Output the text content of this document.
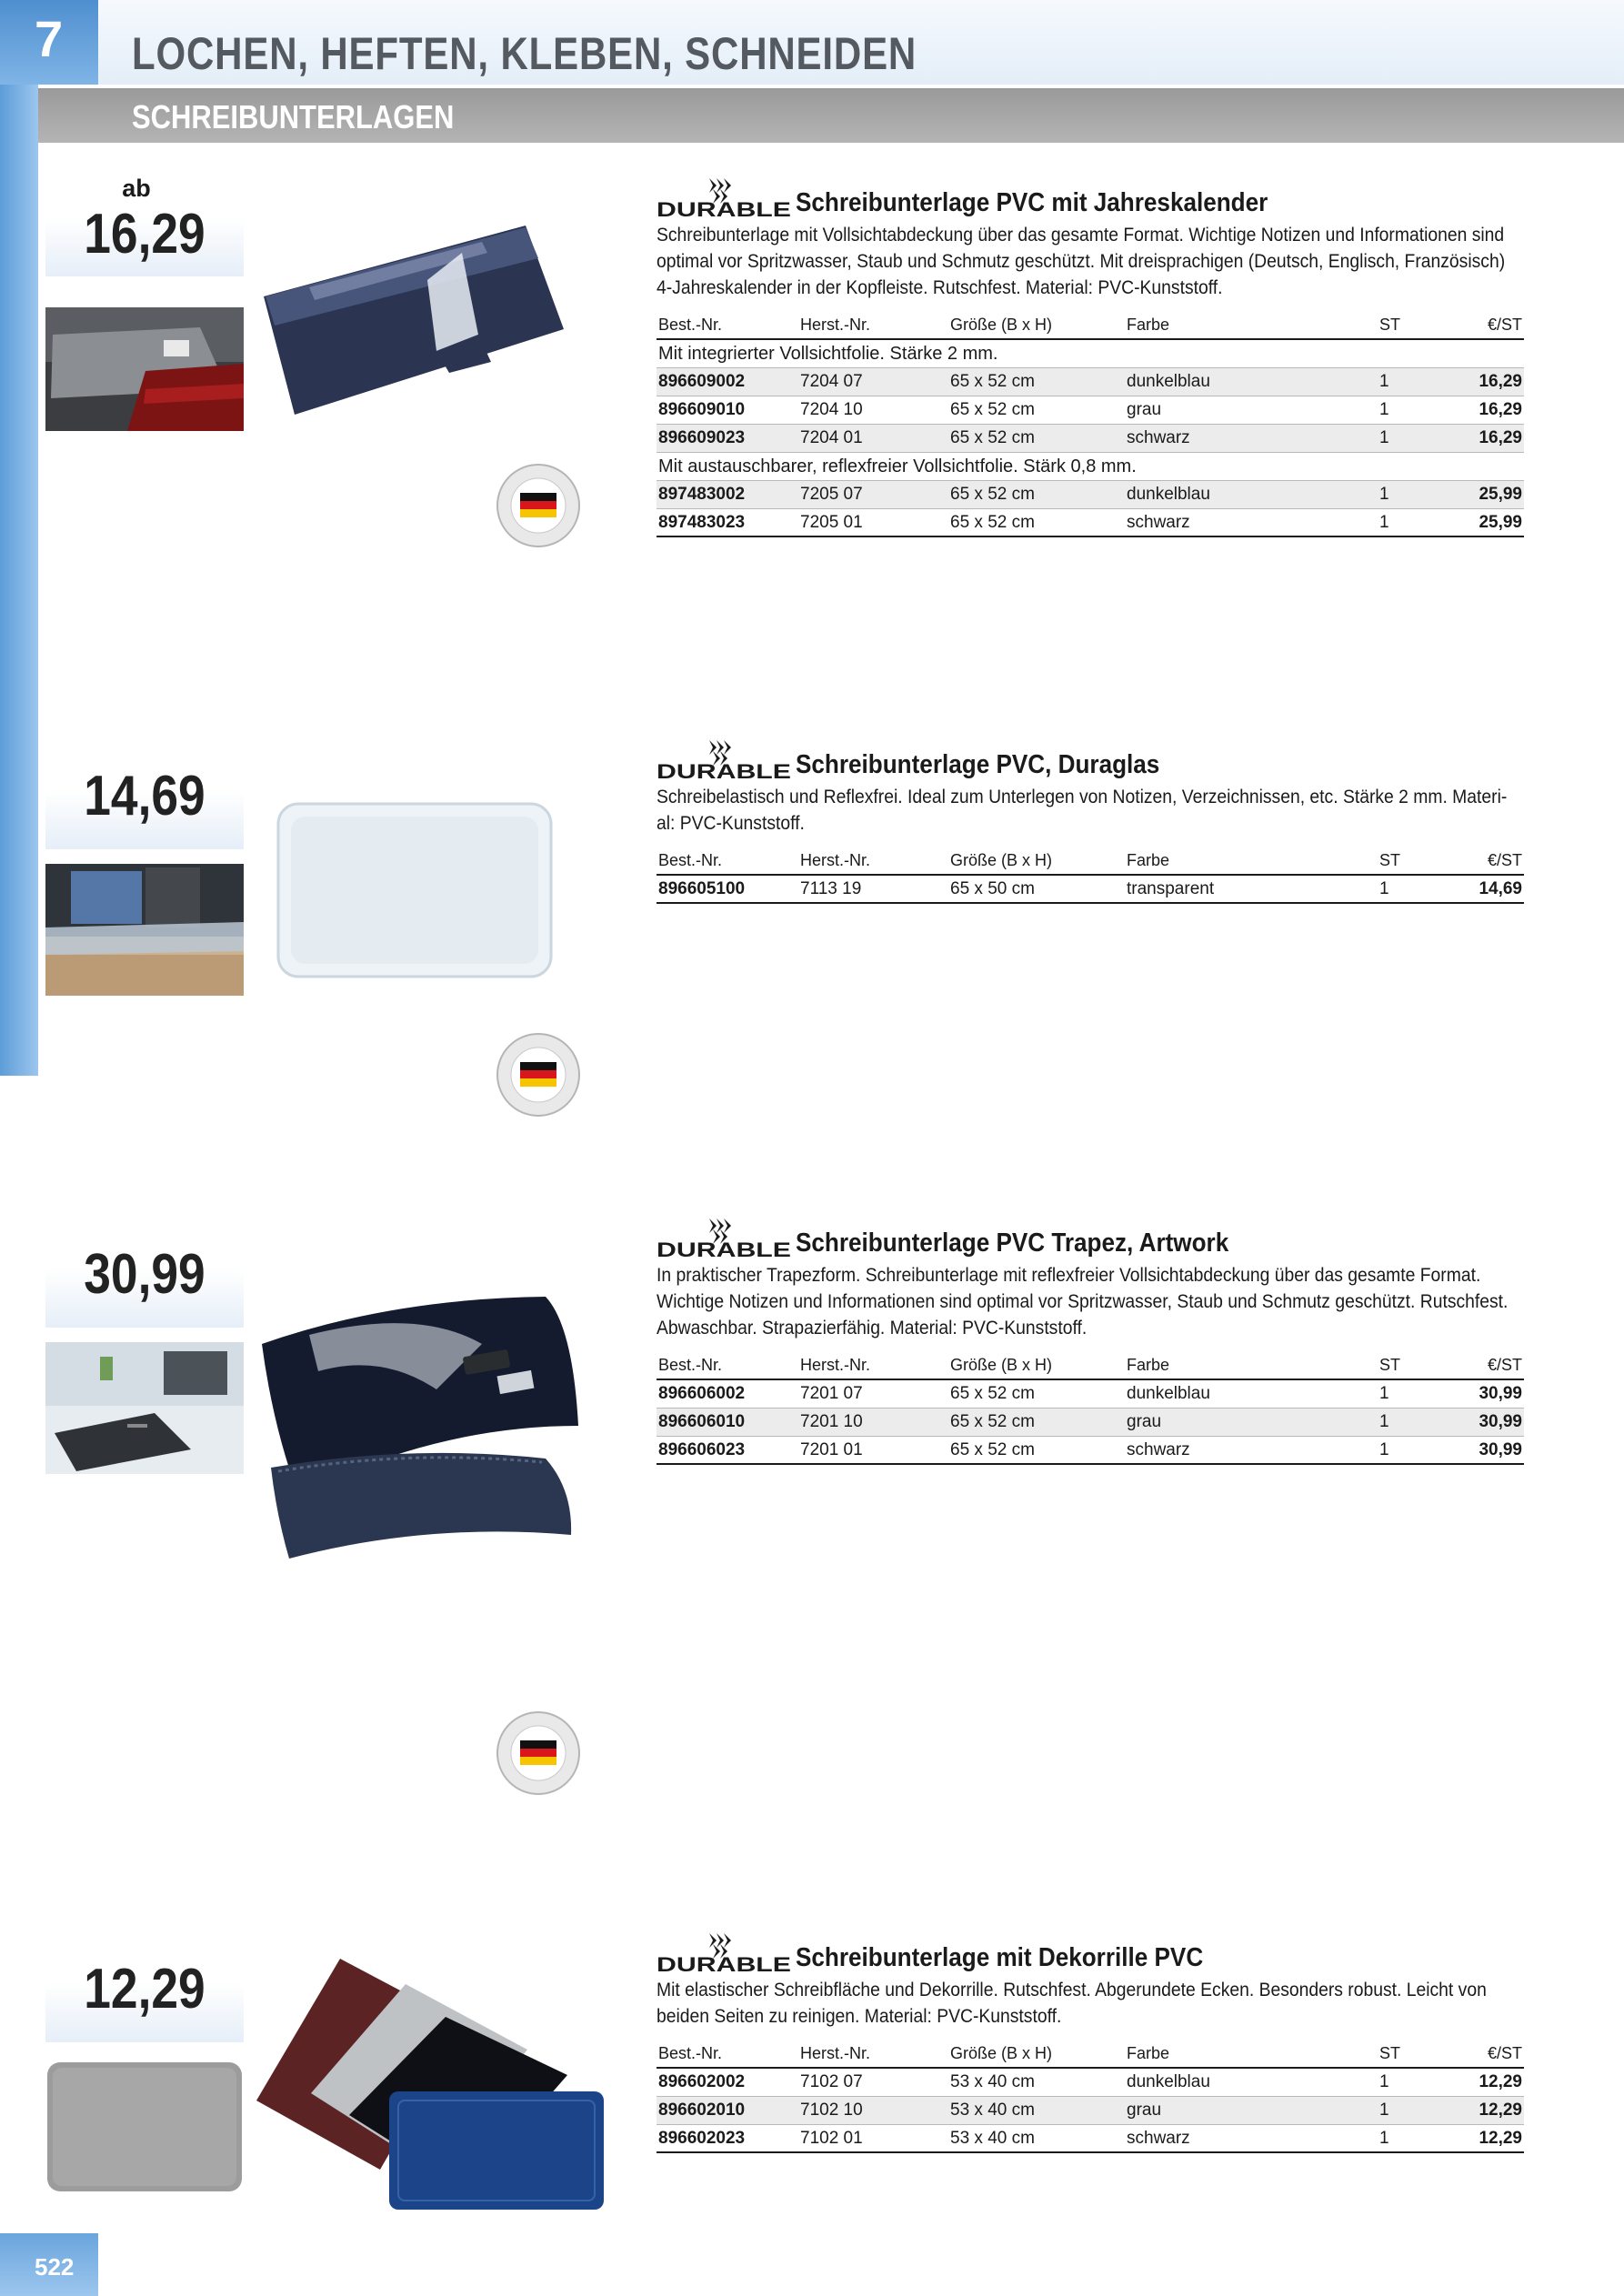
7	LOCHEN, HEFTEN, KLEBEN, SCHNEIDEN
SCHREIBUNTERLAGEN
ab
16,29	Schreibunterlage PVC mit Jahreskalender
Schreibunterlage mit Vollsichtabdeckung über das gesamte Format. Wichtige Notizen und Informationen sind optimal vor Spritzwasser, Staub und Schmutz geschützt. Mit dreisprachigen (Deutsch, Englisch, Französisch) 4-Jahreskalender in der Kopfleiste. Rutschfest. Material: PVC-Kunststoff.
Best.-Nr.	Herst.-Nr.	Größe (B x H)	Farbe	ST	€/ST
Mit integrierter Vollsichtfolie. Stärke 2 mm.					
896609002	7204 07	65 x 52 cm	dunkelblau	1	16,29
896609010	7204 10	65 x 52 cm	grau	1	16,29
896609023	7204 01	65 x 52 cm	schwarz	1	16,29
Mit austauschbarer, reflexfreier Vollsichtfolie. Stärk 0,8 mm.					
897483002	7205 07	65 x 52 cm	dunkelblau	1	25,99
897483023	7205 01	65 x 52 cm	schwarz	1	25,99
14,69	Schreibunterlage PVC, Duraglas
Schreibelastisch und Reflexfrei. Ideal zum Unterlegen von Notizen, Verzeichnissen, etc. Stärke 2 mm. Materi-al: PVC-Kunststoff.
Best.-Nr.	Herst.-Nr.	Größe (B x H)	Farbe	ST	€/ST
896605100	7113 19	65 x 50 cm	transparent	1	14,69
30,99	Schreibunterlage PVC Trapez, Artwork
In praktischer Trapezform. Schreibunterlage mit reflexfreier Vollsichtabdeckung über das gesamte Format. Wichtige Notizen und Informationen sind optimal vor Spritzwasser, Staub und Schmutz geschützt. Rutschfest. Abwaschbar. Strapazierfähig. Material: PVC-Kunststoff.
Best.-Nr.	Herst.-Nr.	Größe (B x H)	Farbe	ST	€/ST
896606002	7201 07	65 x 52 cm	dunkelblau	1	30,99
896606010	7201 10	65 x 52 cm	grau	1	30,99
896606023	7201 01	65 x 52 cm	schwarz	1	30,99
12,29	Schreibunterlage mit Dekorrille PVC
Mit elastischer Schreibfläche und Dekorrille. Rutschfest. Abgerundete Ecken. Besonders robust. Leicht von beiden Seiten zu reinigen. Material: PVC-Kunststoff.
Best.-Nr.	Herst.-Nr.	Größe (B x H)	Farbe	ST	€/ST
896602002	7102 07	53 x 40 cm	dunkelblau	1	12,29
896602010	7102 10	53 x 40 cm	grau	1	12,29
896602023	7102 01	53 x 40 cm	schwarz	1	12,29
522
